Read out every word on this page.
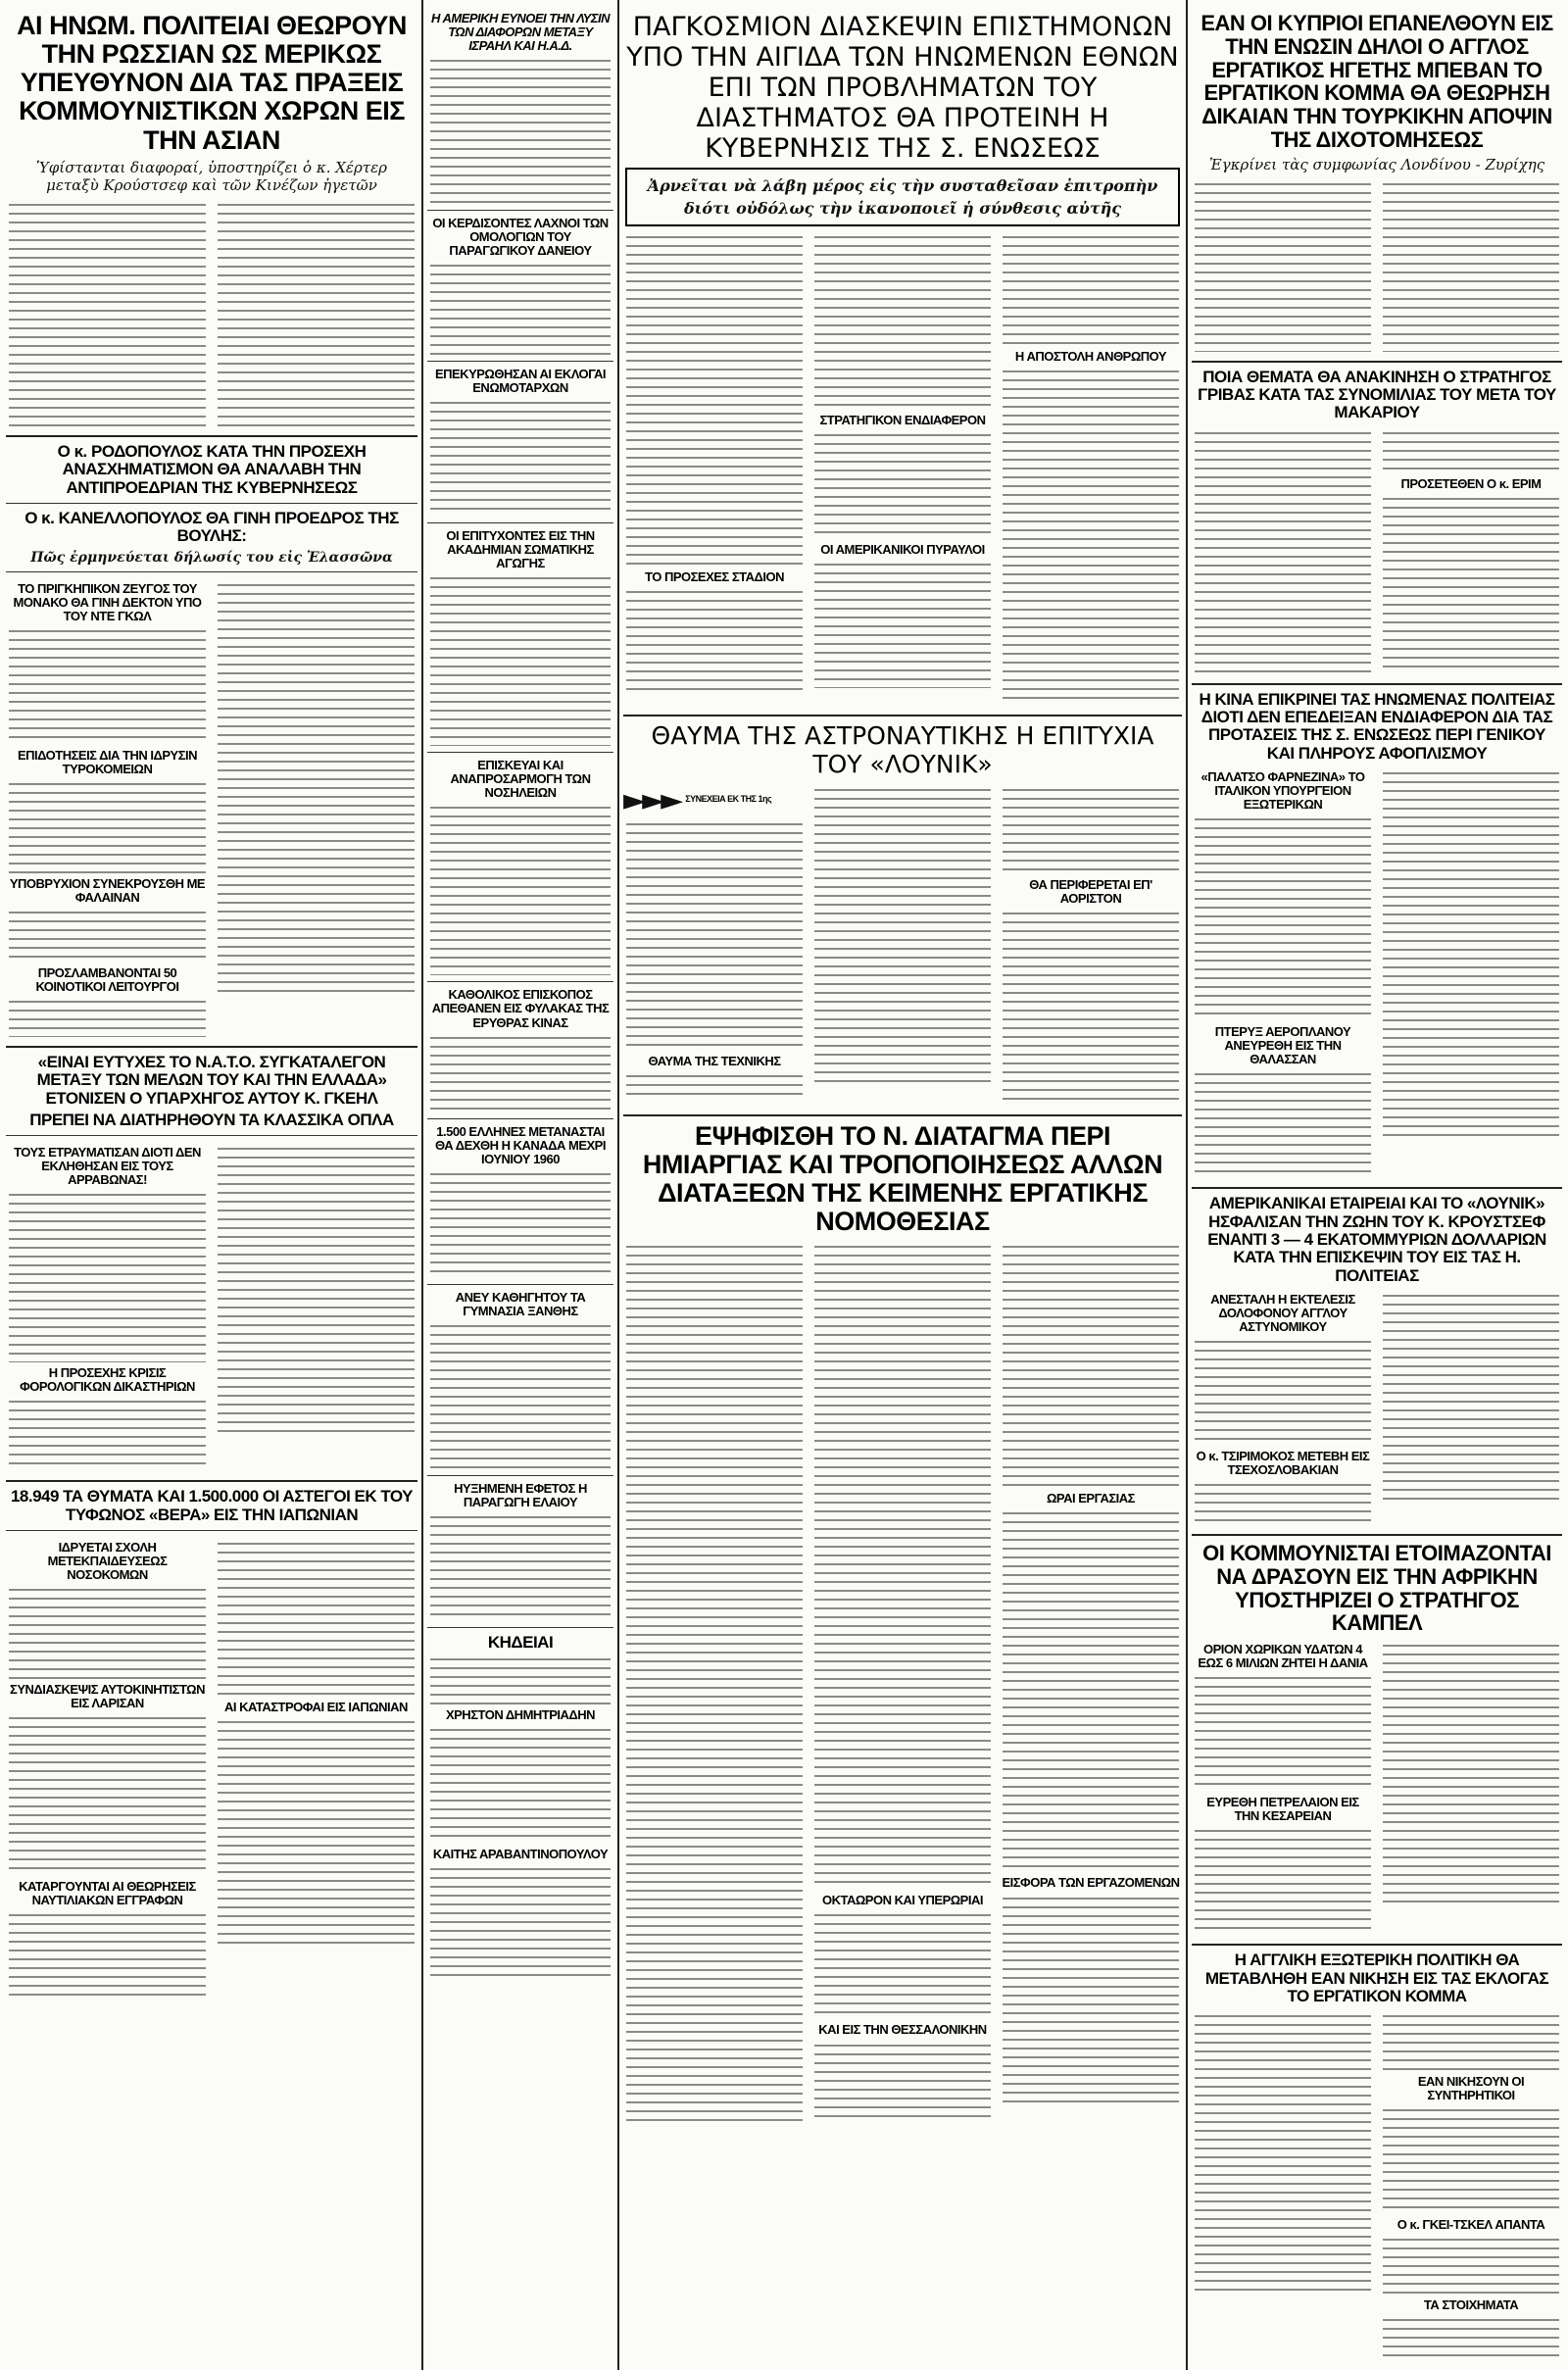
ΑΙ ΗΝΩΜ. ΠΟΛΙΤΕΙΑΙ ΘΕΩΡΟΥΝ ΤΗΝ ΡΩΣΣΙΑΝ ΩΣ ΜΕΡΙΚΩΣ ΥΠΕΥΘΥΝΟΝ ΔΙΑ ΤΑΣ ΠΡΑΞΕΙΣ ΚΟΜΜΟΥΝΙΣΤΙΚΩΝ ΧΩΡΩΝ ΕΙΣ ΤΗΝ ΑΣΙΑΝ
Ὑφίστανται διαφοραί, ὑποστηρίζει ὁ κ. Χέρτερ μεταξὺ Κρούστσεφ καὶ τῶν Κινέζων ἡγετῶν
Ο κ. ΡΟΔΟΠΟΥΛΟΣ ΚΑΤΑ ΤΗΝ ΠΡΟΣΕΧΗ ΑΝΑΣΧΗΜΑΤΙΣΜΟΝ ΘΑ ΑΝΑΛΑΒΗ ΤΗΝ ΑΝΤΙΠΡΟΕΔΡΙΑΝ ΤΗΣ ΚΥΒΕΡΝΗΣΕΩΣ
Ο κ. ΚΑΝΕΛΛΟΠΟΥΛΟΣ ΘΑ ΓΙΝΗ ΠΡΟΕΔΡΟΣ ΤΗΣ ΒΟΥΛΗΣ:
Πῶς ἑρμηνεύεται δήλωσίς του εἰς Ἐλασσῶνα
ΤΟ ΠΡΙΓΚΗΠΙΚΟΝ ΖΕΥΓΟΣ ΤΟΥ ΜΟΝΑΚΟ ΘΑ ΓΙΝΗ ΔΕΚΤΟΝ ΥΠΟ ΤΟΥ ΝΤΕ ΓΚΩΛ
ΕΠΙΔΟΤΗΣΕΙΣ ΔΙΑ ΤΗΝ ΙΔΡΥΣΙΝ ΤΥΡΟΚΟΜΕΙΩΝ
ΥΠΟΒΡΥΧΙΟΝ ΣΥΝΕΚΡΟΥΣΘΗ ΜΕ ΦΑΛΑΙΝΑΝ
ΠΡΟΣΛΑΜΒΑΝΟΝΤΑΙ 50 ΚΟΙΝΟΤΙΚΟΙ ΛΕΙΤΟΥΡΓΟΙ
«ΕΙΝΑΙ ΕΥΤΥΧΕΣ ΤΟ Ν.Α.Τ.Ο. ΣΥΓΚΑΤΑΛΕΓΟΝ ΜΕΤΑΞΥ ΤΩΝ ΜΕΛΩΝ ΤΟΥ ΚΑΙ ΤΗΝ ΕΛΛΑΔΑ» ΕΤΟΝΙΣΕΝ Ο ΥΠΑΡΧΗΓΟΣ ΑΥΤΟΥ Κ. ΓΚΕΗΛ
ΠΡΕΠΕΙ ΝΑ ΔΙΑΤΗΡΗΘΟΥΝ ΤΑ ΚΛΑΣΣΙΚΑ ΟΠΛΑ
ΤΟΥΣ ΕΤΡΑΥΜΑΤΙΣΑΝ ΔΙΟΤΙ ΔΕΝ ΕΚΛΗΘΗΣΑΝ ΕΙΣ ΤΟΥΣ ΑΡΡΑΒΩΝΑΣ!
Η ΠΡΟΣΕΧΗΣ ΚΡΙΣΙΣ ΦΟΡΟΛΟΓΙΚΩΝ ΔΙΚΑΣΤΗΡΙΩΝ
18.949 ΤΑ ΘΥΜΑΤΑ ΚΑΙ 1.500.000 ΟΙ ΑΣΤΕΓΟΙ ΕΚ ΤΟΥ ΤΥΦΩΝΟΣ «ΒΕΡΑ» ΕΙΣ ΤΗΝ ΙΑΠΩΝΙΑΝ
ΙΔΡΥΕΤΑΙ ΣΧΟΛΗ ΜΕΤΕΚΠΑΙΔΕΥΣΕΩΣ ΝΟΣΟΚΟΜΩΝ
ΣΥΝΔΙΑΣΚΕΨΙΣ ΑΥΤΟΚΙΝΗΤΙΣΤΩΝ ΕΙΣ ΛΑΡΙΣΑΝ
ΚΑΤΑΡΓΟΥΝΤΑΙ ΑΙ ΘΕΩΡΗΣΕΙΣ ΝΑΥΤΙΛΙΑΚΩΝ ΕΓΓΡΑΦΩΝ
ΑΙ ΚΑΤΑΣΤΡΟΦΑΙ ΕΙΣ ΙΑΠΩΝΙΑΝ
Η ΑΜΕΡΙΚΗ ΕΥΝΟΕΙ ΤΗΝ ΛΥΣΙΝ ΤΩΝ ΔΙΑΦΟΡΩΝ ΜΕΤΑΞΥ ΙΣΡΑΗΛ ΚΑΙ Η.Α.Δ.
ΟΙ ΚΕΡΔΙΣΟΝΤΕΣ ΛΑΧΝΟΙ ΤΩΝ ΟΜΟΛΟΓΙΩΝ ΤΟΥ ΠΑΡΑΓΩΓΙΚΟΥ ΔΑΝΕΙΟΥ
ΕΠΕΚΥΡΩΘΗΣΑΝ ΑΙ ΕΚΛΟΓΑΙ ΕΝΩΜΟΤΑΡΧΩΝ
ΟΙ ΕΠΙΤΥΧΟΝΤΕΣ ΕΙΣ ΤΗΝ ΑΚΑΔΗΜΙΑΝ ΣΩΜΑΤΙΚΗΣ ΑΓΩΓΗΣ
ΕΠΙΣΚΕΥΑΙ ΚΑΙ ΑΝΑΠΡΟΣΑΡΜΟΓΗ ΤΩΝ ΝΟΣΗΛΕΙΩΝ
ΚΑΘΟΛΙΚΟΣ ΕΠΙΣΚΟΠΟΣ ΑΠΕΘΑΝΕΝ ΕΙΣ ΦΥΛΑΚΑΣ ΤΗΣ ΕΡΥΘΡΑΣ ΚΙΝΑΣ
1.500 ΕΛΛΗΝΕΣ ΜΕΤΑΝΑΣΤΑΙ ΘΑ ΔΕΧΘΗ Η ΚΑΝΑΔΑ ΜΕΧΡΙ ΙΟΥΝΙΟΥ 1960
ΑΝΕΥ ΚΑΘΗΓΗΤΟΥ ΤΑ ΓΥΜΝΑΣΙΑ ΞΑΝΘΗΣ
ΗΥΞΗΜΕΝΗ ΕΦΕΤΟΣ Η ΠΑΡΑΓΩΓΗ ΕΛΑΙΟΥ
ΚΗΔΕΙΑΙ
ΧΡΗΣΤΟΝ ΔΗΜΗΤΡΙΑΔΗΝ
ΚΑΙΤΗΣ ΑΡΑΒΑΝΤΙΝΟΠΟΥΛΟΥ
ΠΑΓΚΟΣΜΙΟΝ ΔΙΑΣΚΕΨΙΝ ΕΠΙΣΤΗΜΟΝΩΝ ΥΠΟ ΤΗΝ ΑΙΓΙΔΑ ΤΩΝ ΗΝΩΜΕΝΩΝ ΕΘΝΩΝ ΕΠΙ ΤΩΝ ΠΡΟΒΛΗΜΑΤΩΝ ΤΟΥ ΔΙΑΣΤΗΜΑΤΟΣ ΘΑ ΠΡΟΤΕΙΝΗ Η ΚΥΒΕΡΝΗΣΙΣ ΤΗΣ Σ. ΕΝΩΣΕΩΣ
Ἀρνεῖται νὰ λάβη μέρος εἰς τὴν συσταθεῖσαν ἐπιτροπὴν
διότι οὐδόλως τὴν ἱκανοποιεῖ ἡ σύνθεσις αὐτῆς
ΤΟ ΠΡΟΣΕΧΕΣ ΣΤΑΔΙΟΝ
ΣΤΡΑΤΗΓΙΚΟΝ ΕΝΔΙΑΦΕΡΟΝ
ΟΙ ΑΜΕΡΙΚΑΝΙΚΟΙ ΠΥΡΑΥΛΟΙ
Η ΑΠΟΣΤΟΛΗ ΑΝΘΡΩΠΟΥ
ΘΑΥΜΑ ΤΗΣ ΑΣΤΡΟΝΑΥΤΙΚΗΣ Η ΕΠΙΤΥΧΙΑ ΤΟΥ «ΛΟΥΝΙΚ»
►►► ΣΥΝΕΧΕΙΑ ΕΚ ΤΗΣ 1ης
ΘΑΥΜΑ ΤΗΣ ΤΕΧΝΙΚΗΣ
ΘΑ ΠΕΡΙΦΕΡΕΤΑΙ ΕΠ' ΑΟΡΙΣΤΟΝ
ΕΨΗΦΙΣΘΗ ΤΟ Ν. ΔΙΑΤΑΓΜΑ ΠΕΡΙ ΗΜΙΑΡΓΙΑΣ ΚΑΙ ΤΡΟΠΟΠΟΙΗΣΕΩΣ ΑΛΛΩΝ ΔΙΑΤΑΞΕΩΝ ΤΗΣ ΚΕΙΜΕΝΗΣ ΕΡΓΑΤΙΚΗΣ ΝΟΜΟΘΕΣΙΑΣ
ΟΚΤΑΩΡΟΝ ΚΑΙ ΥΠΕΡΩΡΙΑΙ
ΚΑΙ ΕΙΣ ΤΗΝ ΘΕΣΣΑΛΟΝΙΚΗΝ
ΩΡΑΙ ΕΡΓΑΣΙΑΣ
ΕΙΣΦΟΡΑ ΤΩΝ ΕΡΓΑΖΟΜΕΝΩΝ
ΕΑΝ ΟΙ ΚΥΠΡΙΟΙ ΕΠΑΝΕΛΘΟΥΝ ΕΙΣ ΤΗΝ ΕΝΩΣΙΝ ΔΗΛΟΙ Ο ΑΓΓΛΟΣ ΕΡΓΑΤΙΚΟΣ ΗΓΕΤΗΣ ΜΠΕΒΑΝ ΤΟ ΕΡΓΑΤΙΚΟΝ ΚΟΜΜΑ ΘΑ ΘΕΩΡΗΣΗ ΔΙΚΑΙΑΝ ΤΗΝ ΤΟΥΡΚΙΚΗΝ ΑΠΟΨΙΝ ΤΗΣ ΔΙΧΟΤΟΜΗΣΕΩΣ
Ἐγκρίνει τὰς συμφωνίας Λονδίνου - Ζυρίχης
ΠΟΙΑ ΘΕΜΑΤΑ ΘΑ ΑΝΑΚΙΝΗΣΗ Ο ΣΤΡΑΤΗΓΟΣ ΓΡΙΒΑΣ ΚΑΤΑ ΤΑΣ ΣΥΝΟΜΙΛΙΑΣ ΤΟΥ ΜΕΤΑ ΤΟΥ ΜΑΚΑΡΙΟΥ
ΠΡΟΣΕΤΕΘΕΝ Ο κ. ΕΡΙΜ
Η ΚΙΝΑ ΕΠΙΚΡΙΝΕΙ ΤΑΣ ΗΝΩΜΕΝΑΣ ΠΟΛΙΤΕΙΑΣ ΔΙΟΤΙ ΔΕΝ ΕΠΕΔΕΙΞΑΝ ΕΝΔΙΑΦΕΡΟΝ ΔΙΑ ΤΑΣ ΠΡΟΤΑΣΕΙΣ ΤΗΣ Σ. ΕΝΩΣΕΩΣ ΠΕΡΙ ΓΕΝΙΚΟΥ ΚΑΙ ΠΛΗΡΟΥΣ ΑΦΟΠΛΙΣΜΟΥ
«ΠΑΛΑΤΣΟ ΦΑΡΝΕΖΙΝΑ» ΤΟ ΙΤΑΛΙΚΟΝ ΥΠΟΥΡΓΕΙΟΝ ΕΞΩΤΕΡΙΚΩΝ
ΠΤΕΡΥΞ ΑΕΡΟΠΛΑΝΟΥ ΑΝΕΥΡΕΘΗ ΕΙΣ ΤΗΝ ΘΑΛΑΣΣΑΝ
ΑΜΕΡΙΚΑΝΙΚΑΙ ΕΤΑΙΡΕΙΑΙ ΚΑΙ ΤΟ «ΛΟΥΝΙΚ» ΗΣΦΑΛΙΣΑΝ ΤΗΝ ΖΩΗΝ ΤΟΥ Κ. ΚΡΟΥΣΤΣΕΦ ΕΝΑΝΤΙ 3 — 4 ΕΚΑΤΟΜΜΥΡΙΩΝ ΔΟΛΛΑΡΙΩΝ ΚΑΤΑ ΤΗΝ ΕΠΙΣΚΕΨΙΝ ΤΟΥ ΕΙΣ ΤΑΣ Η. ΠΟΛΙΤΕΙΑΣ
ΑΝΕΣΤΑΛΗ Η ΕΚΤΕΛΕΣΙΣ ΔΟΛΟΦΟΝΟΥ ΑΓΓΛΟΥ ΑΣΤΥΝΟΜΙΚΟΥ
Ο κ. ΤΣΙΡΙΜΟΚΟΣ ΜΕΤΕΒΗ ΕΙΣ ΤΣΕΧΟΣΛΟΒΑΚΙΑΝ
ΟΙ ΚΟΜΜΟΥΝΙΣΤΑΙ ΕΤΟΙΜΑΖΟΝΤΑΙ ΝΑ ΔΡΑΣΟΥΝ ΕΙΣ ΤΗΝ ΑΦΡΙΚΗΝ ΥΠΟΣΤΗΡΙΖΕΙ Ο ΣΤΡΑΤΗΓΟΣ ΚΑΜΠΕΛ
ΟΡΙΟΝ ΧΩΡΙΚΩΝ ΥΔΑΤΩΝ 4 ΕΩΣ 6 ΜΙΛΙΩΝ ΖΗΤΕΙ Η ΔΑΝΙΑ
ΕΥΡΕΘΗ ΠΕΤΡΕΛΑΙΟΝ ΕΙΣ ΤΗΝ ΚΕΣΑΡΕΙΑΝ
Η ΑΓΓΛΙΚΗ ΕΞΩΤΕΡΙΚΗ ΠΟΛΙΤΙΚΗ ΘΑ ΜΕΤΑΒΛΗΘΗ ΕΑΝ ΝΙΚΗΣΗ ΕΙΣ ΤΑΣ ΕΚΛΟΓΑΣ ΤΟ ΕΡΓΑΤΙΚΟΝ ΚΟΜΜΑ
ΕΑΝ ΝΙΚΗΣΟΥΝ ΟΙ ΣΥΝΤΗΡΗΤΙΚΟΙ
Ο κ. ΓΚΕΙ-ΤΣΚΕΛ ΑΠΑΝΤΑ
ΤΑ ΣΤΟΙΧΗΜΑΤΑ
